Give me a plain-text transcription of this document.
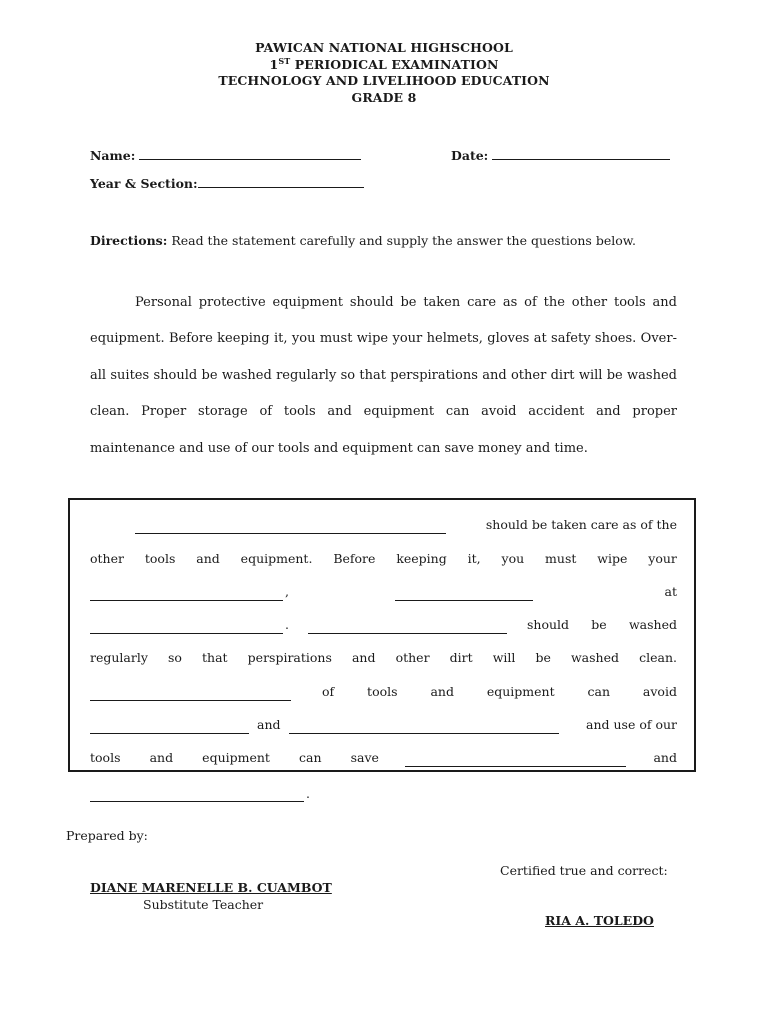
PAWICAN NATIONAL HIGHSCHOOL
1ST PERIODICAL EXAMINATION
TECHNOLOGY AND LIVELIHOOD EDUCATION
GRADE 8
Name:	Date:
Year & Section:
Directions: Read the statement carefully and supply the answer the questions below.

Personal protective equipment should be taken care as of the other tools and equipment. Before keeping it, you must wipe your helmets, gloves at safety shoes. Over-all suites should be washed regularly so that perspirations and other dirt will be washed clean. Proper storage of tools and equipment can avoid accident and proper maintenance and use of our tools and equipment can save money and time.

should be taken care as of the
other tools and equipment. Before keeping it, you must wipe your
,	at
.	should be washed
regularly so that perspirations and other dirt will be washed clean.
of	tools	and	equipment	can	avoid
and	and use of our
tools and equipment can save	and
.
Prepared by:
Certified true and correct:
DIANE MARENELLE B. CUAMBOT
Substitute Teacher
RIA A. TOLEDO
